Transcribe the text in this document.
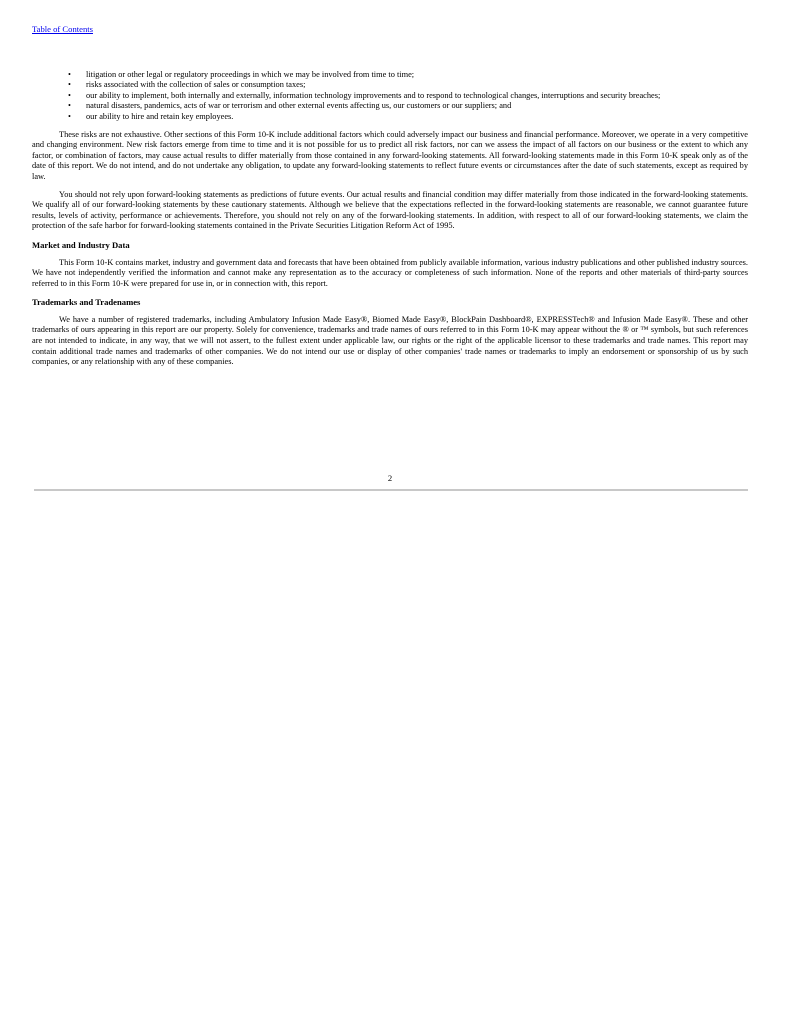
Table of Contents
• litigation or other legal or regulatory proceedings in which we may be involved from time to time;
• risks associated with the collection of sales or consumption taxes;
• our ability to implement, both internally and externally, information technology improvements and to respond to technological changes, interruptions and security breaches;
• natural disasters, pandemics, acts of war or terrorism and other external events affecting us, our customers or our suppliers; and
• our ability to hire and retain key employees.

These risks are not exhaustive. Other sections of this Form 10-K include additional factors which could adversely impact our business and financial performance. Moreover, we operate in a very competitive and changing environment. New risk factors emerge from time to time and it is not possible for us to predict all risk factors, nor can we assess the impact of all factors on our business or the extent to which any factor, or combination of factors, may cause actual results to differ materially from those contained in any forward-looking statements. All forward-looking statements made in this Form 10-K speak only as of the date of this report. We do not intend, and do not undertake any obligation, to update any forward-looking statements to reflect future events or circumstances after the date of such statements, except as required by law.

You should not rely upon forward-looking statements as predictions of future events. Our actual results and financial condition may differ materially from those indicated in the forward-looking statements. We qualify all of our forward-looking statements by these cautionary statements. Although we believe that the expectations reflected in the forward-looking statements are reasonable, we cannot guarantee future results, levels of activity, performance or achievements. Therefore, you should not rely on any of the forward-looking statements. In addition, with respect to all of our forward-looking statements, we claim the protection of the safe harbor for forward-looking statements contained in the Private Securities Litigation Reform Act of 1995.

Market and Industry Data

This Form 10-K contains market, industry and government data and forecasts that have been obtained from publicly available information, various industry publications and other published industry sources. We have not independently verified the information and cannot make any representation as to the accuracy or completeness of such information. None of the reports and other materials of third-party sources referred to in this Form 10-K were prepared for use in, or in connection with, this report.

Trademarks and Tradenames

We have a number of registered trademarks, including Ambulatory Infusion Made Easy®, Biomed Made Easy®, BlockPain Dashboard®, EXPRESSTech® and Infusion Made Easy®. These and other trademarks of ours appearing in this report are our property. Solely for convenience, trademarks and trade names of ours referred to in this Form 10-K may appear without the ® or ™ symbols, but such references are not intended to indicate, in any way, that we will not assert, to the fullest extent under applicable law, our rights or the right of the applicable licensor to these trademarks and trade names. This report may contain additional trade names and trademarks of other companies. We do not intend our use or display of other companies' trade names or trademarks to imply an endorsement or sponsorship of us by such companies, or any relationship with any of these companies.

2
